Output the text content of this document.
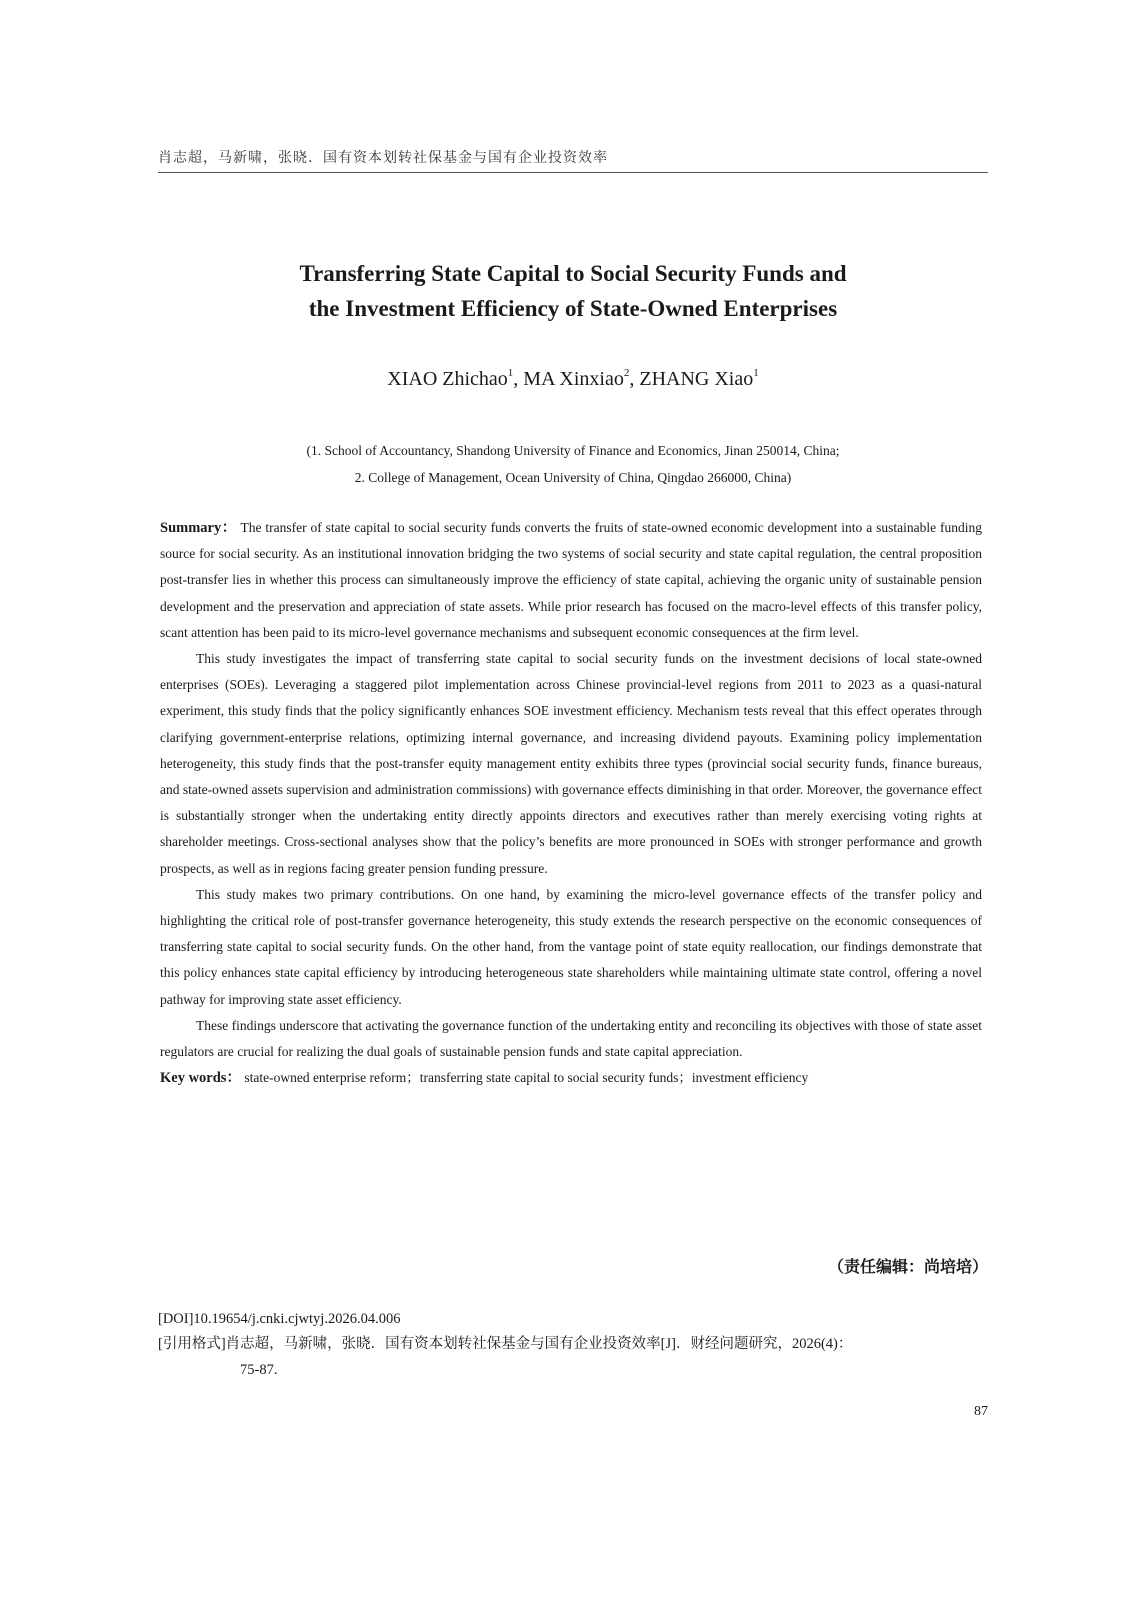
肖志超，马新啸，张晓．国有资本划转社保基金与国有企业投资效率
Transferring State Capital to Social Security Funds and
the Investment Efficiency of State-Owned Enterprises
XIAO Zhichao$^1$, MA Xinxiao$^2$, ZHANG Xiao$^1$
(1. School of Accountancy, Shandong University of Finance and Economics, Jinan 250014, China;
2. College of Management, Ocean University of China, Qingdao 266000, China)

Summary： The transfer of state capital to social security funds converts the fruits of state-owned economic development into a sustainable funding source for social security. As an institutional innovation bridging the two systems of social security and state capital regulation, the central proposition post-transfer lies in whether this process can simultaneously improve the efficiency of state capital, achieving the organic unity of sustainable pension development and the preservation and appreciation of state assets. While prior research has focused on the macro-level effects of this transfer policy, scant attention has been paid to its micro-level governance mechanisms and subsequent economic consequences at the firm level.

This study investigates the impact of transferring state capital to social security funds on the investment decisions of local state-owned enterprises (SOEs). Leveraging a staggered pilot implementation across Chinese provincial-level regions from 2011 to 2023 as a quasi-natural experiment, this study finds that the policy significantly enhances SOE investment efficiency. Mechanism tests reveal that this effect operates through clarifying government-enterprise relations, optimizing internal governance, and increasing dividend payouts. Examining policy implementation heterogeneity, this study finds that the post-transfer equity management entity exhibits three types (provincial social security funds, finance bureaus, and state-owned assets supervision and administration commissions) with governance effects diminishing in that order. Moreover, the governance effect is substantially stronger when the undertaking entity directly appoints directors and executives rather than merely exercising voting rights at shareholder meetings. Cross-sectional analyses show that the policy’s benefits are more pronounced in SOEs with stronger performance and growth prospects, as well as in regions facing greater pension funding pressure.

This study makes two primary contributions. On one hand, by examining the micro-level governance effects of the transfer policy and highlighting the critical role of post-transfer governance heterogeneity, this study extends the research perspective on the economic consequences of transferring state capital to social security funds. On the other hand, from the vantage point of state equity reallocation, our findings demonstrate that this policy enhances state capital efficiency by introducing heterogeneous state shareholders while maintaining ultimate state control, offering a novel pathway for improving state asset efficiency.

These findings underscore that activating the governance function of the undertaking entity and reconciling its objectives with those of state asset regulators are crucial for realizing the dual goals of sustainable pension funds and state capital appreciation.

Key words： state-owned enterprise reform；transferring state capital to social security funds；investment efficiency

（责任编辑：尚培培）
[DOI]10.19654/j.cnki.cjwtyj.2026.04.006
[引用格式]肖志超，马新啸，张晓．国有资本划转社保基金与国有企业投资效率[J]．财经问题研究，2026(4)：
75-87.
87
